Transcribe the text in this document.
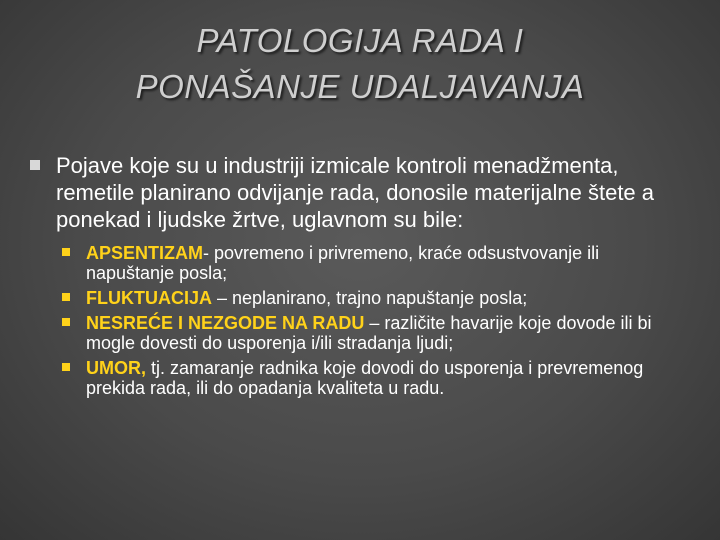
PATOLOGIJA RADA I
PONAŠANJE UDALJAVANJA
Pojave koje su u industriji izmicale kontroli menadžmenta, remetile planirano odvijanje rada, donosile materijalne štete a ponekad i ljudske žrtve, uglavnom su bile:
APSENTIZAM- povremeno i privremeno, kraće odsustvovanje ili napuštanje posla;
FLUKTUACIJA – neplanirano, trajno napuštanje posla;
NESREĆE I NEZGODE NA RADU – različite havarije koje dovode ili bi mogle dovesti do usporenja i/ili stradanja ljudi;
UMOR, tj. zamaranje radnika koje dovodi do usporenja i prevremenog prekida rada, ili do opadanja kvaliteta u radu.
